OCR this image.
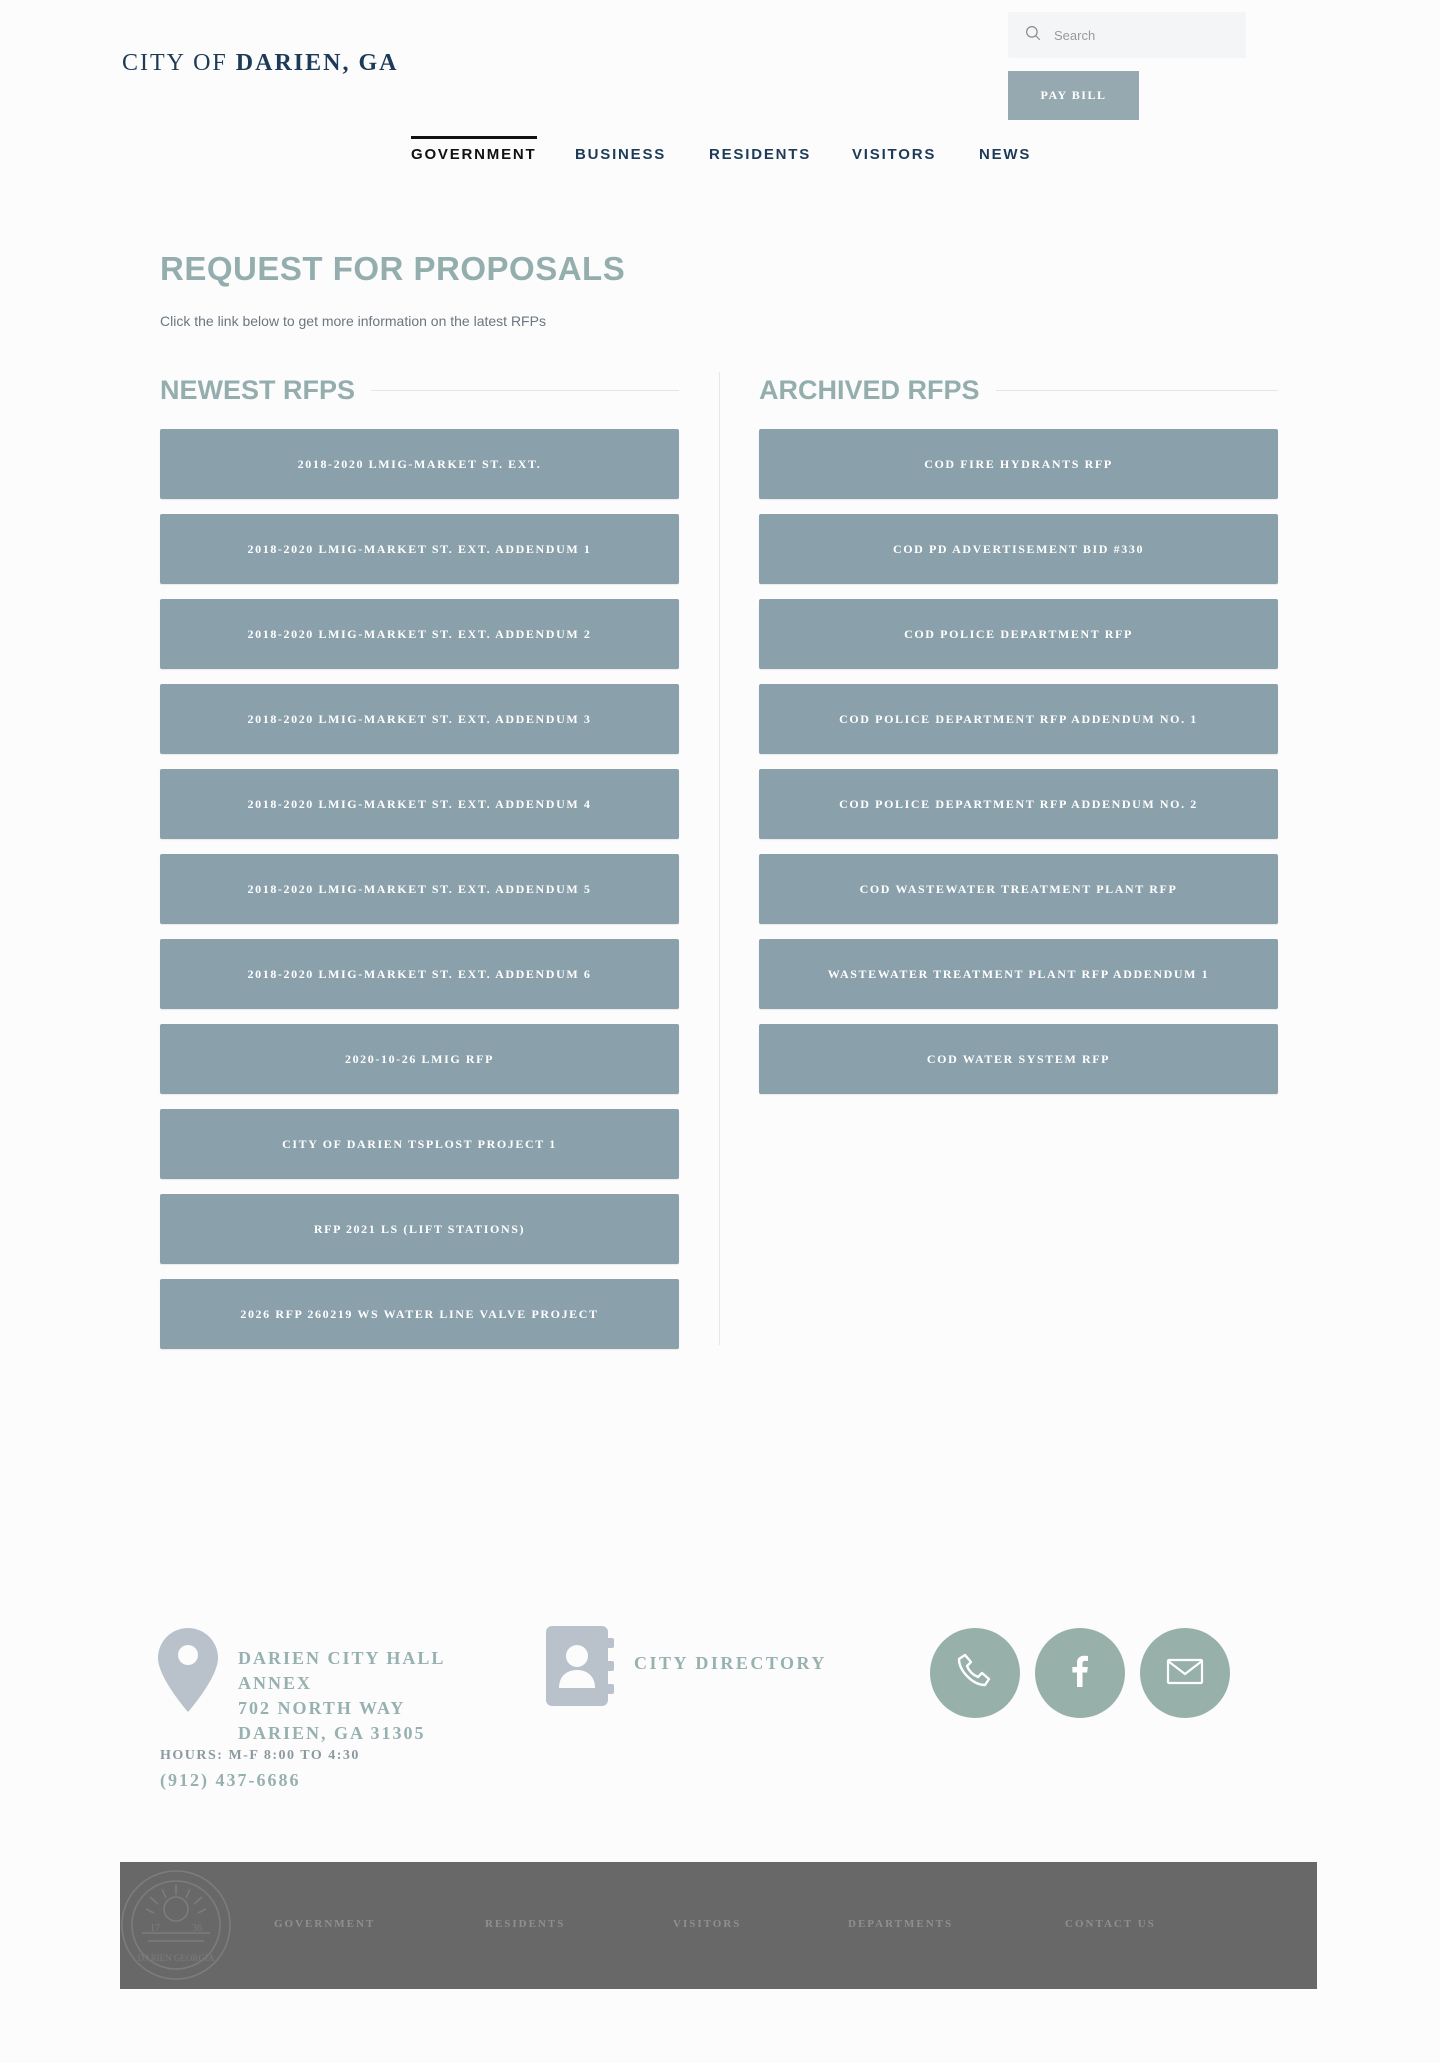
CITY OF DARIEN, GA
Search
PAY BILL
GOVERNMENT	BUSINESS	RESIDENTS	VISITORS	NEWS
REQUEST FOR PROPOSALS

Click the link below to get more information on the latest RFPs

NEWEST RFPS
2018-2020 LMIG-MARKET ST. EXT.
2018-2020 LMIG-MARKET ST. EXT. ADDENDUM 1
2018-2020 LMIG-MARKET ST. EXT. ADDENDUM 2
2018-2020 LMIG-MARKET ST. EXT. ADDENDUM 3
2018-2020 LMIG-MARKET ST. EXT. ADDENDUM 4
2018-2020 LMIG-MARKET ST. EXT. ADDENDUM 5
2018-2020 LMIG-MARKET ST. EXT. ADDENDUM 6
2020-10-26 LMIG RFP
CITY OF DARIEN TSPLOST PROJECT 1
RFP 2021 LS (LIFT STATIONS)
2026 RFP 260219 WS WATER LINE VALVE PROJECT
ARCHIVED RFPS
COD FIRE HYDRANTS RFP
COD PD ADVERTISEMENT BID #330
COD POLICE DEPARTMENT RFP
COD POLICE DEPARTMENT RFP ADDENDUM NO. 1
COD POLICE DEPARTMENT RFP ADDENDUM NO. 2
COD WASTEWATER TREATMENT PLANT RFP
WASTEWATER TREATMENT PLANT RFP ADDENDUM 1
COD WATER SYSTEM RFP
DARIEN CITY HALL
ANNEX
702 NORTH WAY
DARIEN, GA 31305
HOURS: M-F 8:00 TO 4:30
(912) 437-6686
CITY DIRECTORY
17	36
DARIEN GEORGIA
GOVERNMENT	RESIDENTS	VISITORS	DEPARTMENTS	CONTACT US
